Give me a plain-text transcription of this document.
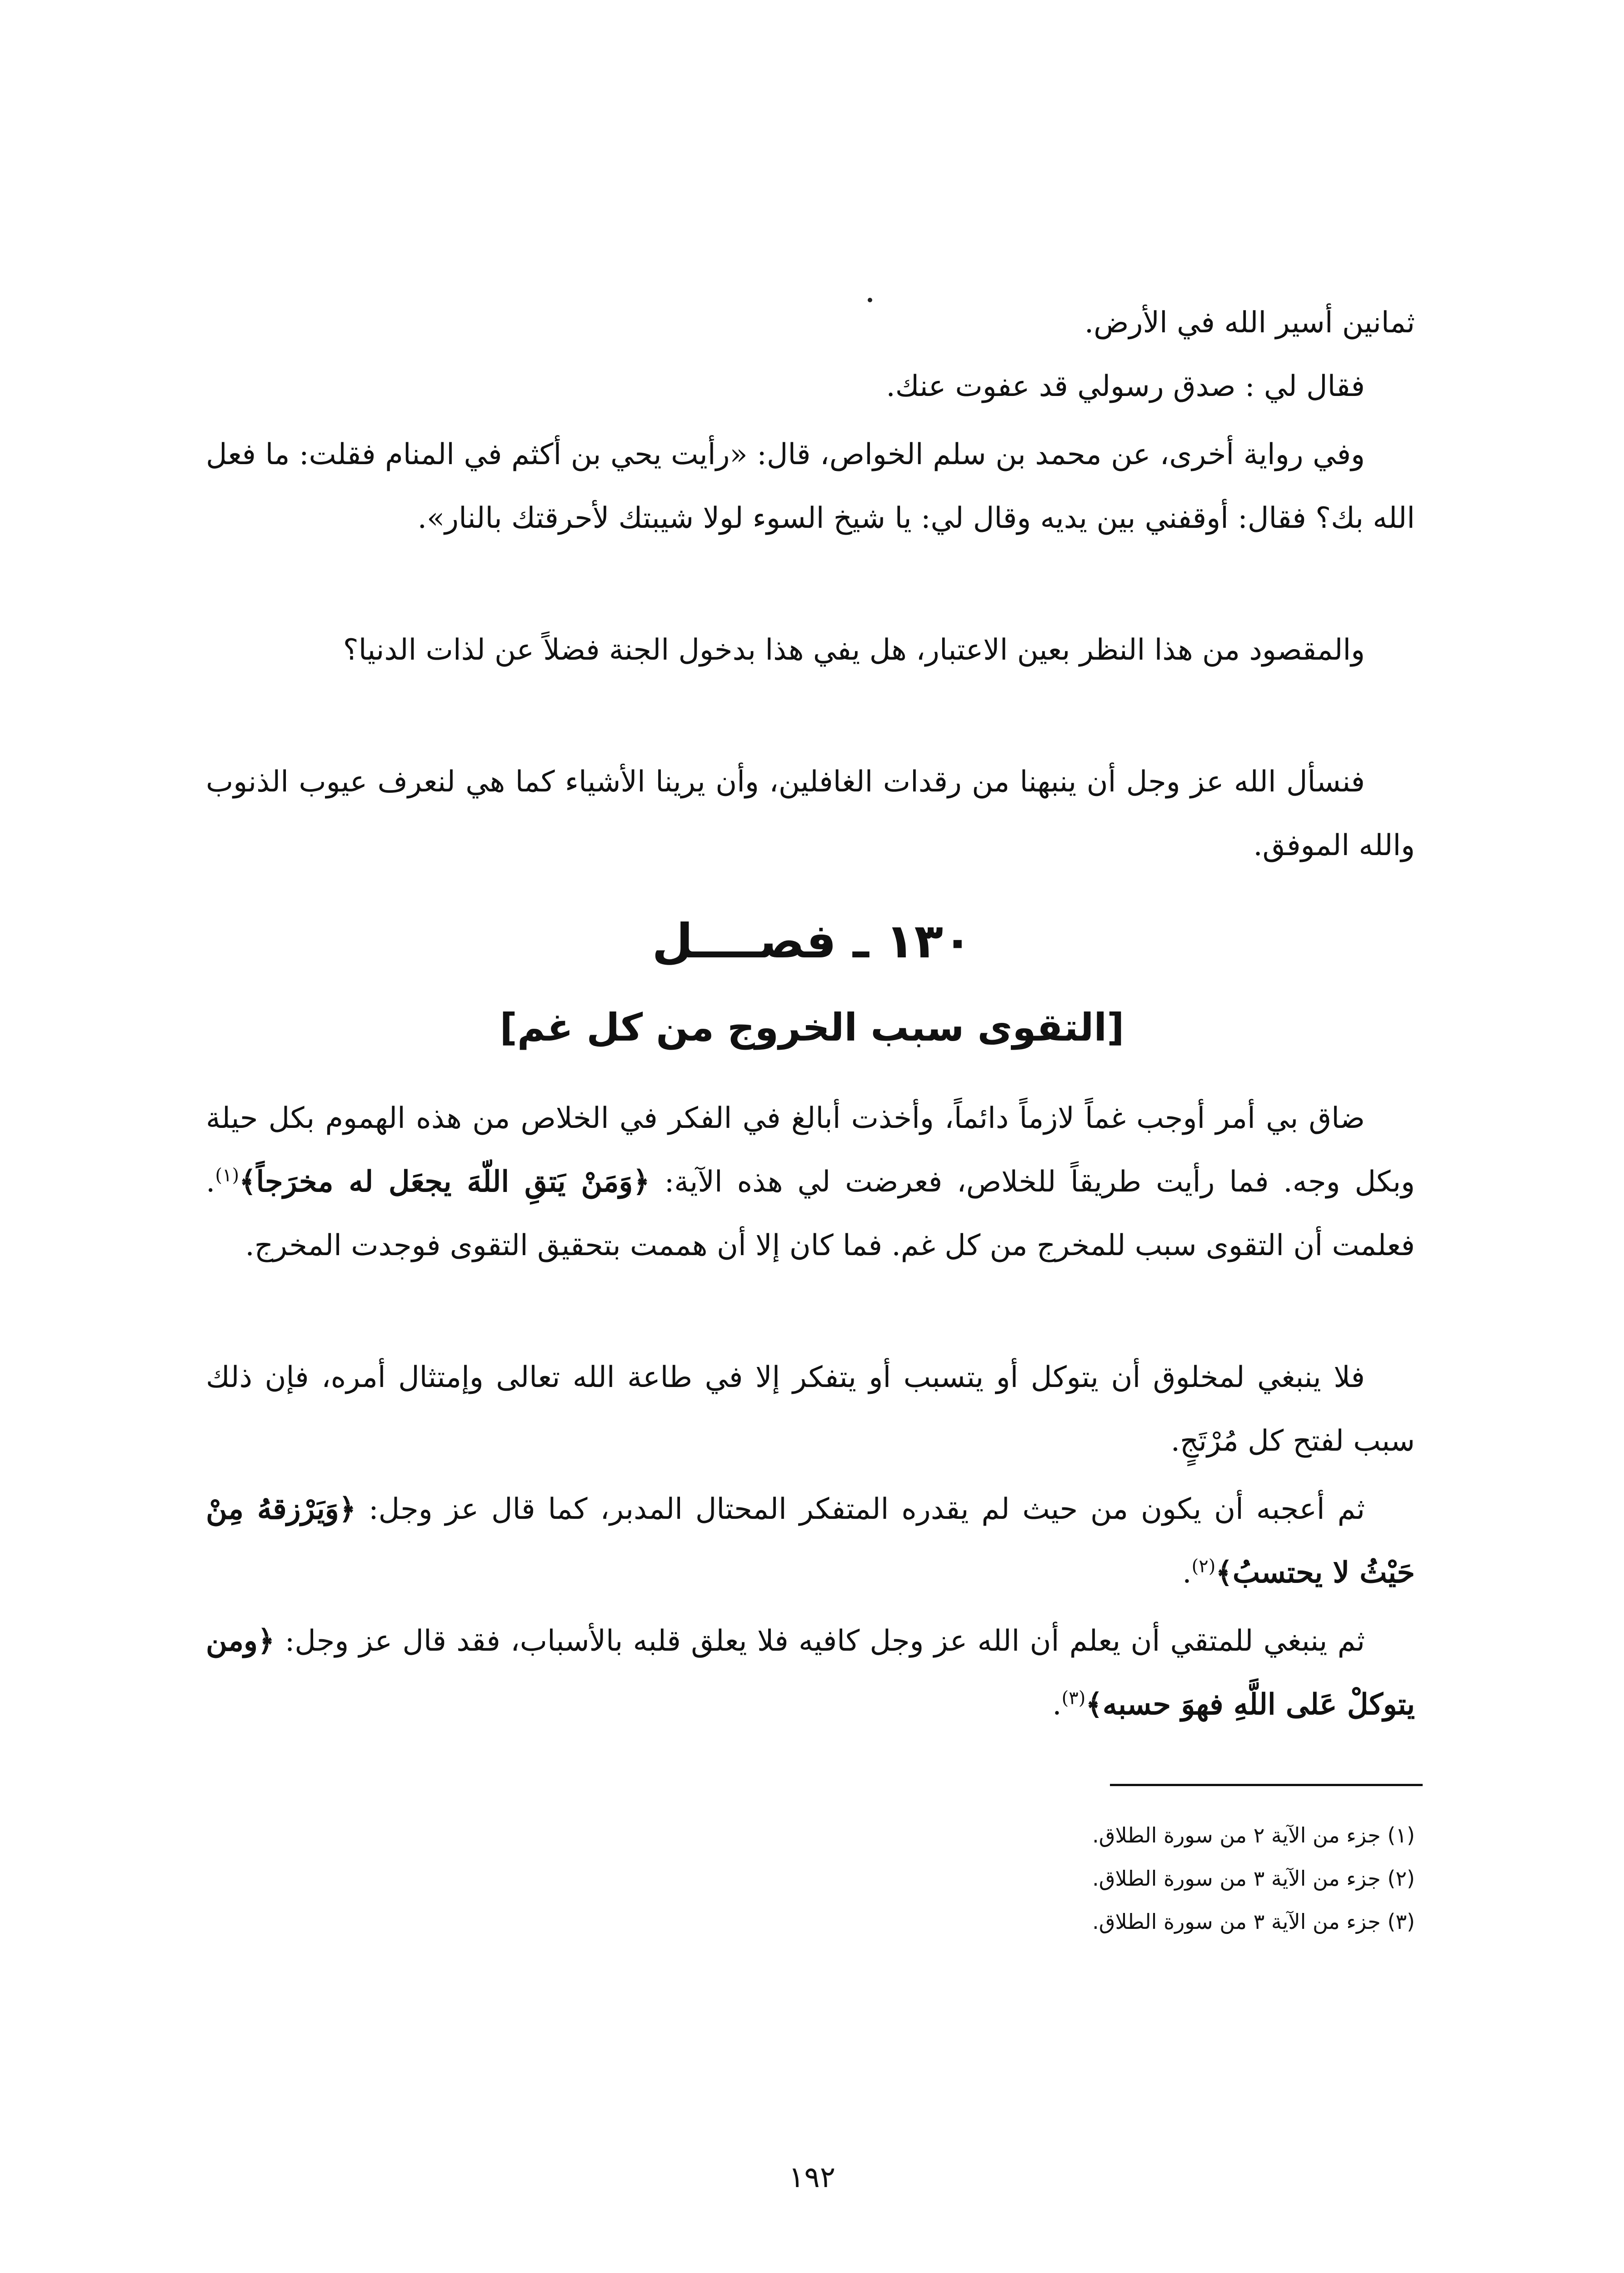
ثمانين أسير الله في الأرض.

فقال لي : صدق رسولي قد عفوت عنك.

وفي رواية أخرى، عن محمد بن سلم الخواص، قال: «رأيت يحي بن أكثم في المنام فقلت: ما فعل الله بك؟ فقال: أوقفني بين يديه وقال لي: يا شيخ السوء لولا شيبتك لأحرقتك بالنار».

والمقصود من هذا النظر بعين الاعتبار، هل يفي هذا بدخول الجنة فضلاً عن لذات الدنيا؟

فنسأل الله عز وجل أن ينبهنا من رقدات الغافلين، وأن يرينا الأشياء كما هي لنعرف عيوب الذنوب والله الموفق.

١٣٠ ـ فصــــل
[التقوى سبب الخروج من كل غم]

ضاق بي أمر أوجب غماً لازماً دائماً، وأخذت أبالغ في الفكر في الخلاص من هذه الهموم بكل حيلة وبكل وجه. فما رأيت طريقاً للخلاص، فعرضت لي هذه الآية: ﴿وَمَنْ يَتقِ اللّهَ يجعَل له مخرَجاً﴾$^{(١)}$. فعلمت أن التقوى سبب للمخرج من كل غم. فما كان إلا أن هممت بتحقيق التقوى فوجدت المخرج.

فلا ينبغي لمخلوق أن يتوكل أو يتسبب أو يتفكر إلا في طاعة الله تعالى وإمتثال أمره، فإن ذلك سبب لفتح كل مُرْتَجٍ.

ثم أعجبه أن يكون من حيث لم يقدره المتفكر المحتال المدبر، كما قال عز وجل: ﴿وَيَرْزقهُ مِنْ حَيْثُ لا يحتسبُ﴾$^{(٢)}$.

ثم ينبغي للمتقي أن يعلم أن الله عز وجل كافيه فلا يعلق قلبه بالأسباب، فقد قال عز وجل: ﴿ومن يتوكلْ عَلى اللَّهِ فهوَ حسبه﴾$^{(٣)}$.

(١) جزء من الآية ٢ من سورة الطلاق.
(٢) جزء من الآية ٣ من سورة الطلاق.
(٣) جزء من الآية ٣ من سورة الطلاق.
١٩٢
